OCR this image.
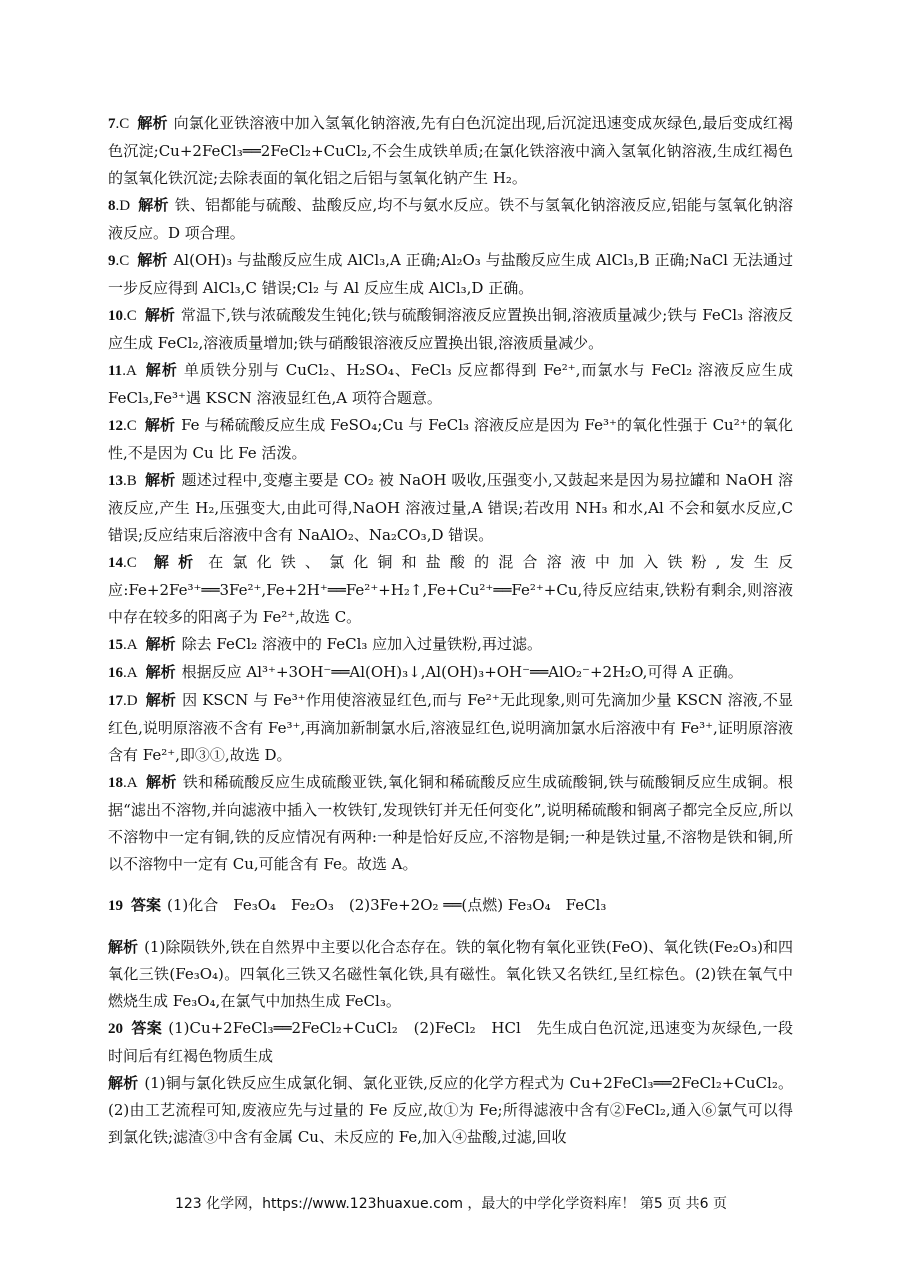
7.C 解析 向氯化亚铁溶液中加入氢氧化钠溶液,先有白色沉淀出现,后沉淀迅速变成灰绿色,最后变成红褐色沉淀;Cu+2FeCl₃══2FeCl₂+CuCl₂,不会生成铁单质;在氯化铁溶液中滴入氢氧化钠溶液,生成红褐色的氢氧化铁沉淀;去除表面的氧化铝之后铝与氢氧化钠产生 H₂。

8.D 解析 铁、铝都能与硫酸、盐酸反应,均不与氨水反应。铁不与氢氧化钠溶液反应,铝能与氢氧化钠溶液反应。D 项合理。

9.C 解析 Al(OH)₃ 与盐酸反应生成 AlCl₃,A 正确;Al₂O₃ 与盐酸反应生成 AlCl₃,B 正确;NaCl 无法通过一步反应得到 AlCl₃,C 错误;Cl₂ 与 Al 反应生成 AlCl₃,D 正确。

10.C 解析 常温下,铁与浓硫酸发生钝化;铁与硫酸铜溶液反应置换出铜,溶液质量减少;铁与 FeCl₃ 溶液反应生成 FeCl₂,溶液质量增加;铁与硝酸银溶液反应置换出银,溶液质量减少。

11.A 解析 单质铁分别与 CuCl₂、H₂SO₄、FeCl₃ 反应都得到 Fe²⁺,而氯水与 FeCl₂ 溶液反应生成 FeCl₃,Fe³⁺遇 KSCN 溶液显红色,A 项符合题意。

12.C 解析 Fe 与稀硫酸反应生成 FeSO₄;Cu 与 FeCl₃ 溶液反应是因为 Fe³⁺的氧化性强于 Cu²⁺的氧化性,不是因为 Cu 比 Fe 活泼。

13.B 解析 题述过程中,变瘪主要是 CO₂ 被 NaOH 吸收,压强变小,又鼓起来是因为易拉罐和 NaOH 溶液反应,产生 H₂,压强变大,由此可得,NaOH 溶液过量,A 错误;若改用 NH₃ 和水,Al 不会和氨水反应,C 错误;反应结束后溶液中含有 NaAlO₂、Na₂CO₃,D 错误。

14.C 解析 在氯化铁、氯化铜和盐酸的混合溶液中加入铁粉,发生反应:Fe+2Fe³⁺══3Fe²⁺,Fe+2H⁺══Fe²⁺+H₂↑,Fe+Cu²⁺══Fe²⁺+Cu,待反应结束,铁粉有剩余,则溶液中存在较多的阳离子为 Fe²⁺,故选 C。

15.A 解析 除去 FeCl₂ 溶液中的 FeCl₃ 应加入过量铁粉,再过滤。

16.A 解析 根据反应 Al³⁺+3OH⁻══Al(OH)₃↓,Al(OH)₃+OH⁻══AlO₂⁻+2H₂O,可得 A 正确。

17.D 解析 因 KSCN 与 Fe³⁺作用使溶液显红色,而与 Fe²⁺无此现象,则可先滴加少量 KSCN 溶液,不显红色,说明原溶液不含有 Fe³⁺,再滴加新制氯水后,溶液显红色,说明滴加氯水后溶液中有 Fe³⁺,证明原溶液含有 Fe²⁺,即③①,故选 D。

18.A 解析 铁和稀硫酸反应生成硫酸亚铁,氧化铜和稀硫酸反应生成硫酸铜,铁与硫酸铜反应生成铜。根据“滤出不溶物,并向滤液中插入一枚铁钉,发现铁钉并无任何变化”,说明稀硫酸和铜离子都完全反应,所以不溶物中一定有铜,铁的反应情况有两种:一种是恰好反应,不溶物是铜;一种是铁过量,不溶物是铁和铜,所以不溶物中一定有 Cu,可能含有 Fe。故选 A。

19 答案 (1)化合　Fe₃O₄　Fe₂O₃　(2)3Fe+2O₂ ══(点燃) Fe₃O₄　FeCl₃

解析 (1)除陨铁外,铁在自然界中主要以化合态存在。铁的氧化物有氧化亚铁(FeO)、氧化铁(Fe₂O₃)和四氧化三铁(Fe₃O₄)。四氧化三铁又名磁性氧化铁,具有磁性。氧化铁又名铁红,呈红棕色。(2)铁在氧气中燃烧生成 Fe₃O₄,在氯气中加热生成 FeCl₃。

20 答案 (1)Cu+2FeCl₃══2FeCl₂+CuCl₂　(2)FeCl₂　HCl　先生成白色沉淀,迅速变为灰绿色,一段时间后有红褐色物质生成

解析 (1)铜与氯化铁反应生成氯化铜、氯化亚铁,反应的化学方程式为 Cu+2FeCl₃══2FeCl₂+CuCl₂。(2)由工艺流程可知,废液应先与过量的 Fe 反应,故①为 Fe;所得滤液中含有②FeCl₂,通入⑥氯气可以得到氯化铁;滤渣③中含有金属 Cu、未反应的 Fe,加入④盐酸,过滤,回收

123 化学网，https://www.123huaxue.com ，最大的中学化学资料库！ 第5 页 共6 页
